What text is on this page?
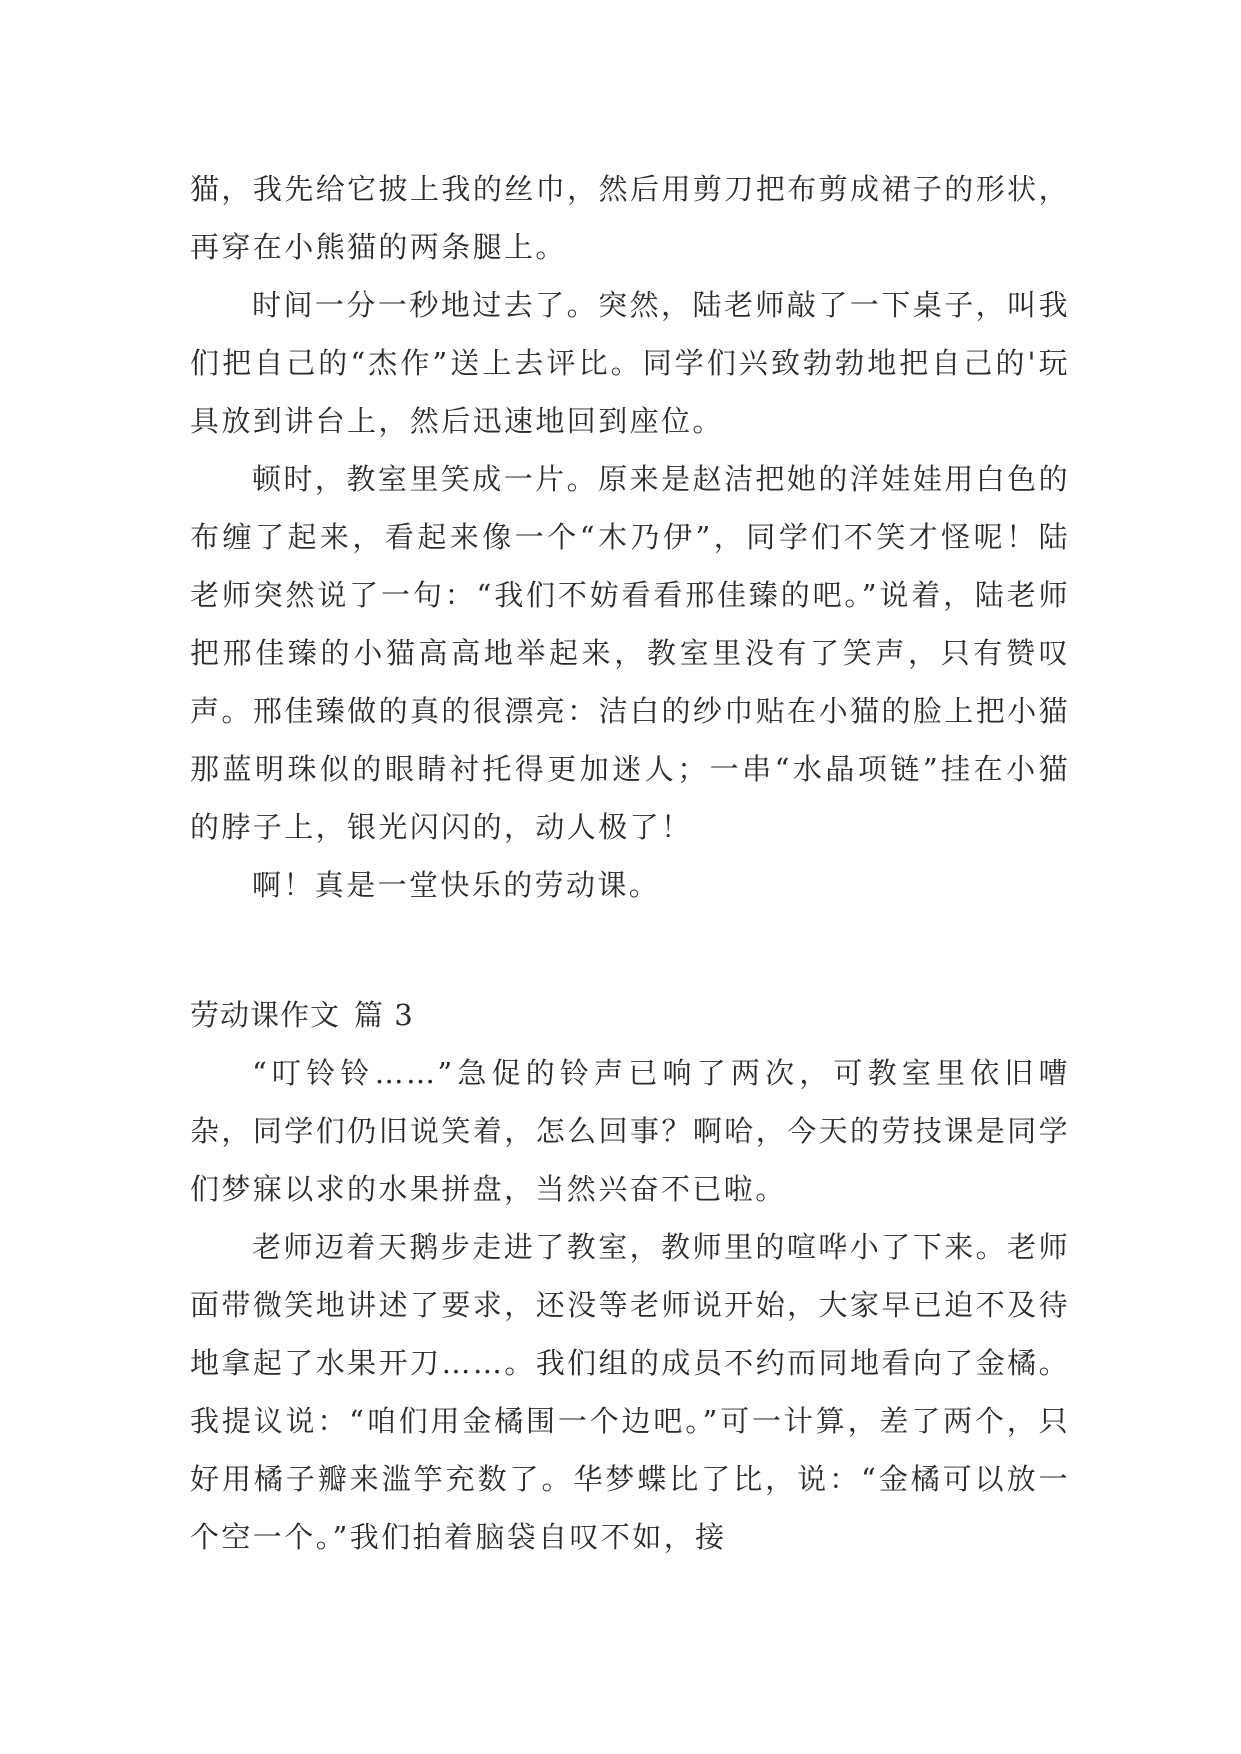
猫，我先给它披上我的丝巾，然后用剪刀把布剪成裙子的形状，再穿在小熊猫的两条腿上。

时间一分一秒地过去了。突然，陆老师敲了一下桌子，叫我们把自己的“杰作”送上去评比。同学们兴致勃勃地把自己的'玩具放到讲台上，然后迅速地回到座位。

顿时，教室里笑成一片。原来是赵洁把她的洋娃娃用白色的布缠了起来，看起来像一个“木乃伊”，同学们不笑才怪呢！陆老师突然说了一句：“我们不妨看看邢佳臻的吧。”说着，陆老师把邢佳臻的小猫高高地举起来，教室里没有了笑声，只有赞叹声。邢佳臻做的真的很漂亮：洁白的纱巾贴在小猫的脸上把小猫那蓝明珠似的眼睛衬托得更加迷人；一串“水晶项链”挂在小猫的脖子上，银光闪闪的，动人极了！

啊！真是一堂快乐的劳动课。

劳动课作文 篇 3

“叮铃铃……”急促的铃声已响了两次，可教室里依旧嘈杂，同学们仍旧说笑着，怎么回事？啊哈，今天的劳技课是同学们梦寐以求的水果拼盘，当然兴奋不已啦。

老师迈着天鹅步走进了教室，教师里的喧哗小了下来。老师面带微笑地讲述了要求，还没等老师说开始，大家早已迫不及待地拿起了水果开刀……。我们组的成员不约而同地看向了金橘。我提议说：“咱们用金橘围一个边吧。”可一计算，差了两个，只好用橘子瓣来滥竽充数了。华梦蝶比了比，说：“金橘可以放一个空一个。”我们拍着脑袋自叹不如，接
